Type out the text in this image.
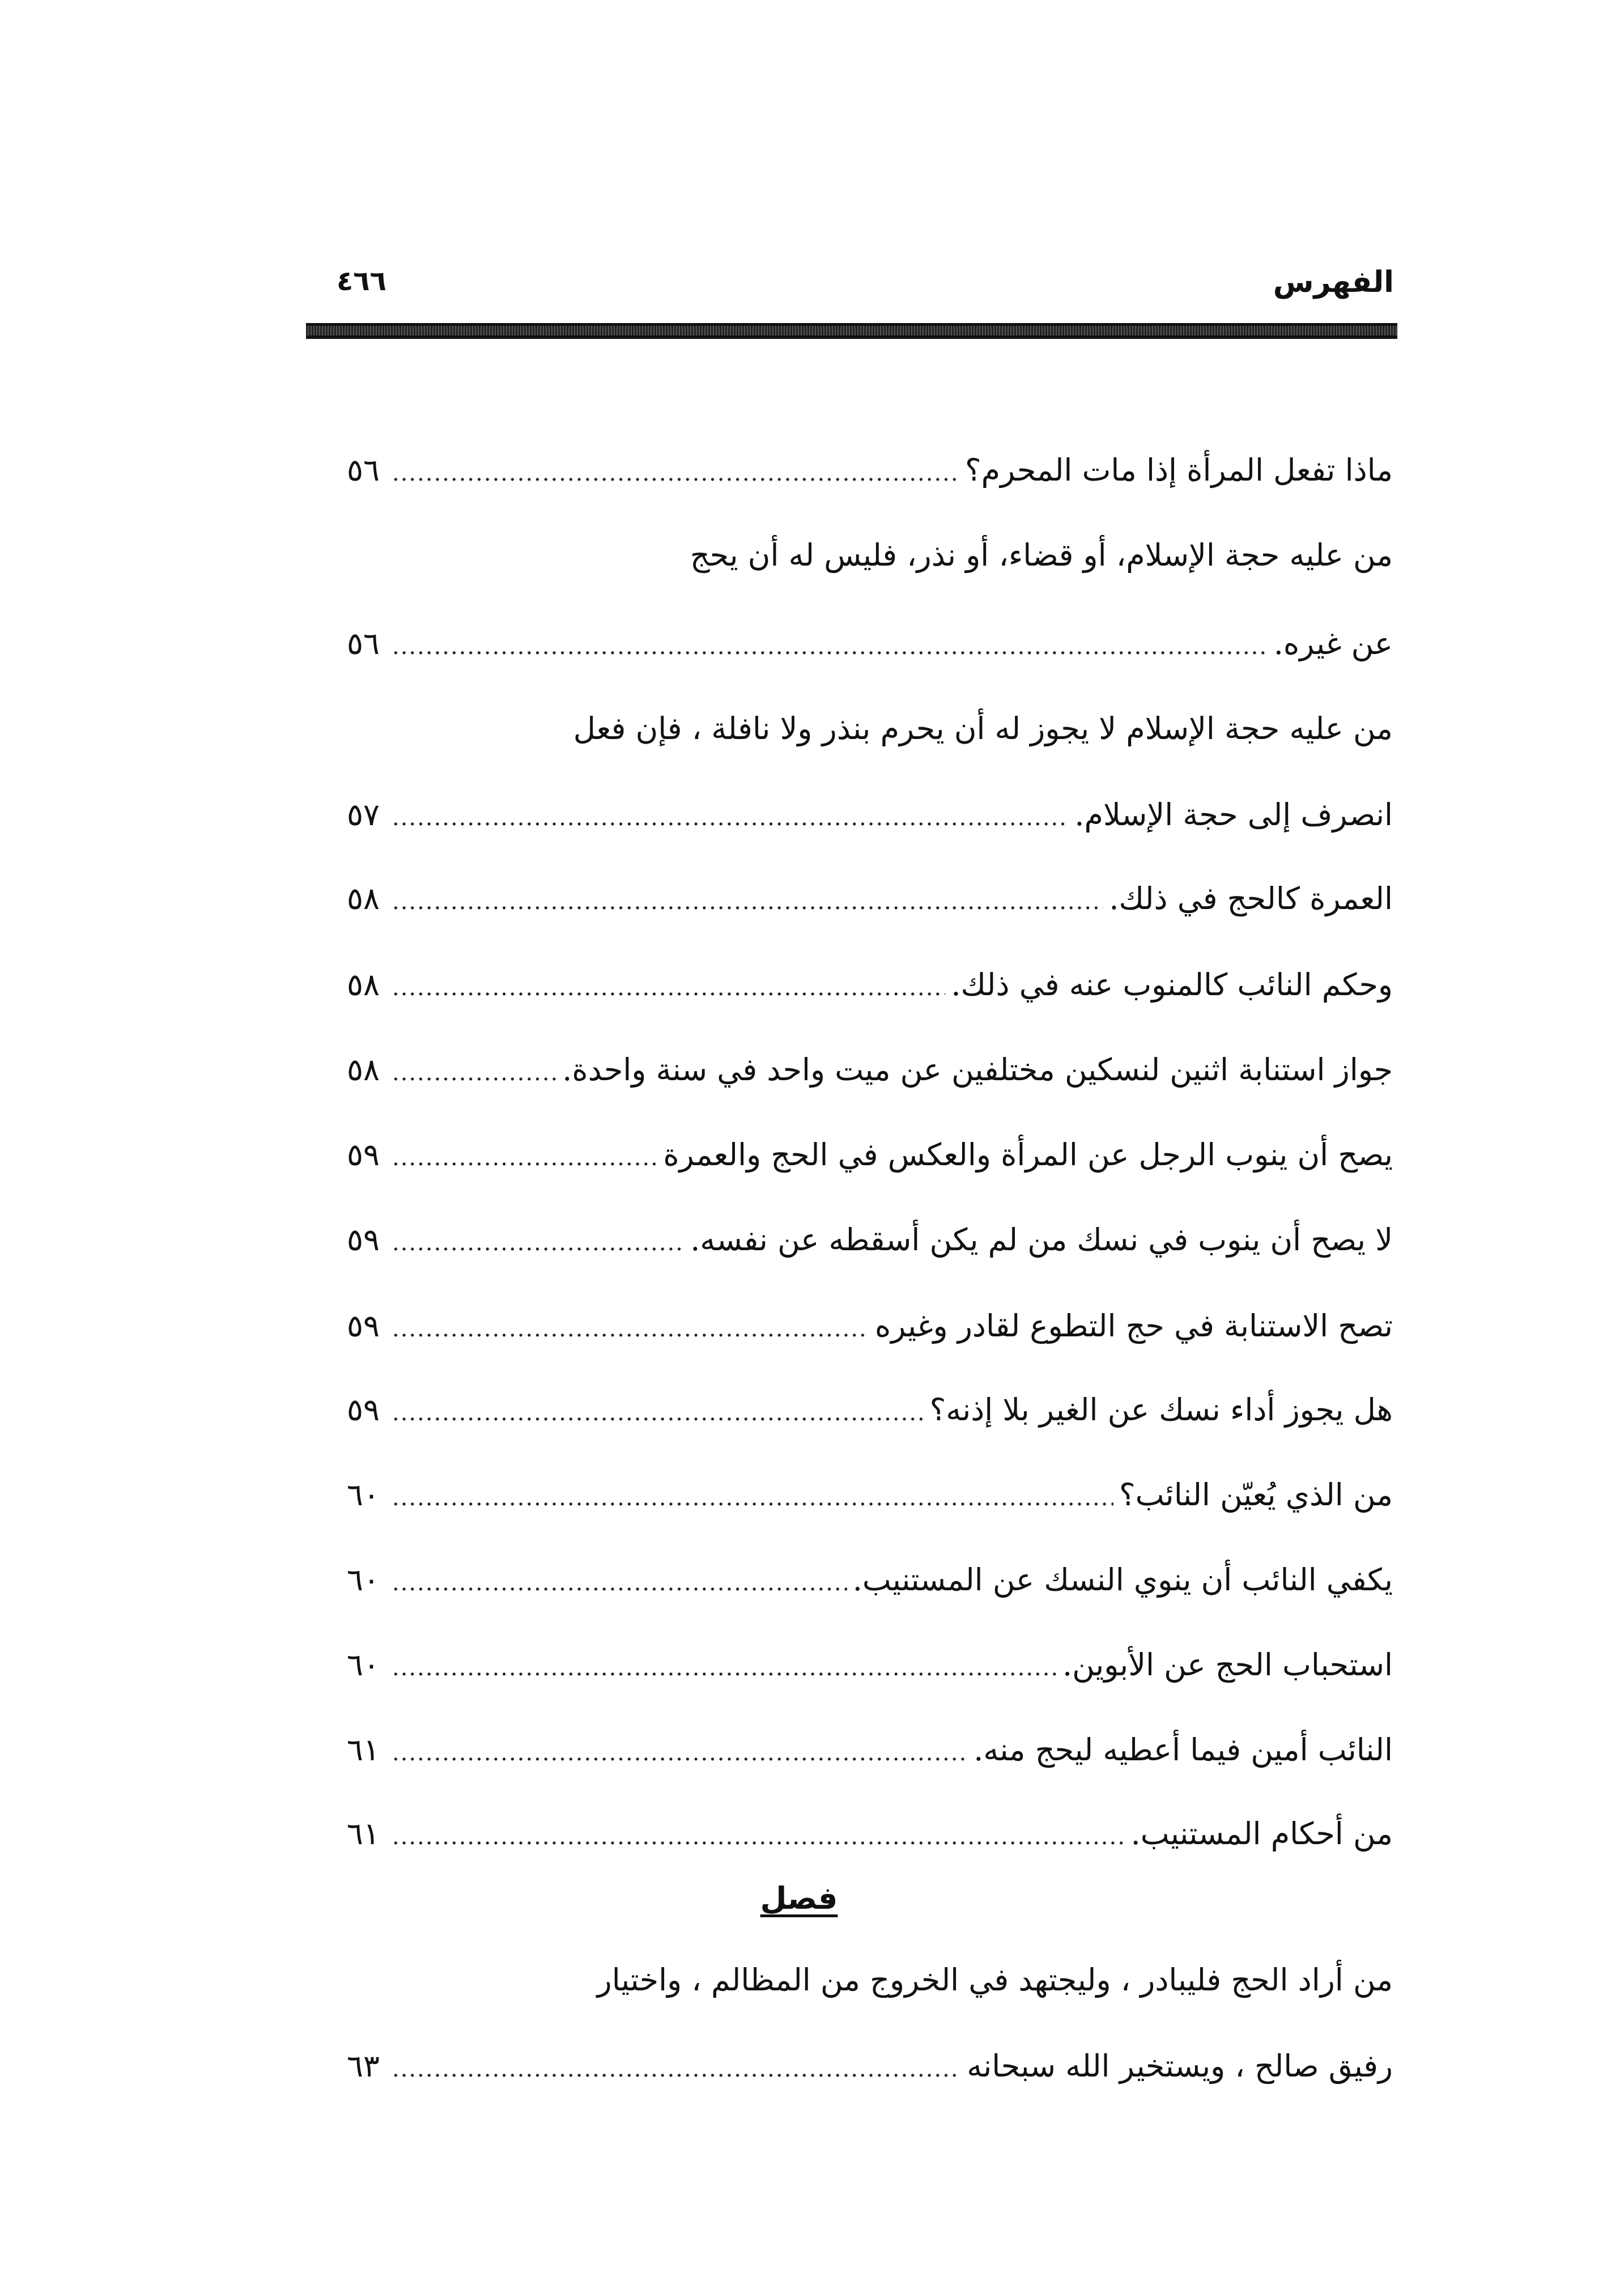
الفهرس
٤٦٦
ماذا تفعل المرأة إذا مات المحرم؟
.....
٥٦
من عليه حجة الإسلام، أو قضاء، أو نذر، فليس له أن يحج
عن غيره.
.....
٥٦
من عليه حجة الإسلام لا يجوز له أن يحرم بنذر ولا نافلة ، فإن فعل
انصرف إلى حجة الإسلام.
.....
٥٧
العمرة كالحج في ذلك.
.....
٥٨
وحكم النائب كالمنوب عنه في ذلك.
.....
٥٨
جواز استنابة اثنين لنسكين مختلفين عن ميت واحد في سنة واحدة.
.....
٥٨
يصح أن ينوب الرجل عن المرأة والعكس في الحج والعمرة
.....
٥٩
لا يصح أن ينوب في نسك من لم يكن أسقطه عن نفسه.
.....
٥٩
تصح الاستنابة في حج التطوع لقادر وغيره
.....
٥٩
هل يجوز أداء نسك عن الغير بلا إذنه؟
.....
٥٩
من الذي يُعيّن النائب؟
.....
٦٠
يكفي النائب أن ينوي النسك عن المستنيب.
.....
٦٠
استحباب الحج عن الأبوين.
.....
٦٠
النائب أمين فيما أعطيه ليحج منه.
.....
٦١
من أحكام المستنيب.
.....
٦١
فصل
من أراد الحج فليبادر ، وليجتهد في الخروج من المظالم ، واختيار
رفيق صالح ، ويستخير الله سبحانه
.....
٦٣
